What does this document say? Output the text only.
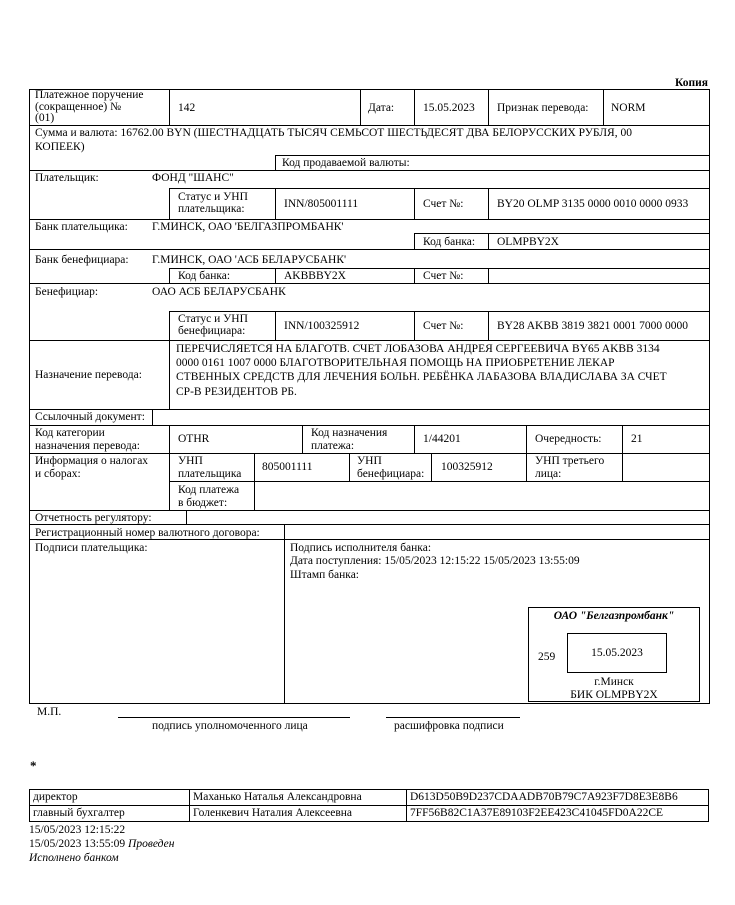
Копия
Платежное поручение
(сокращенное) №
(01)
142	Дата:	15.05.2023 Признак перевода: NORM
Сумма и валюта: 16762.00 BYN (ШЕСТНАДЦАТЬ ТЫСЯЧ СЕМЬСОТ ШЕСТЬДЕСЯТ ДВА БЕЛОРУССКИХ РУБЛЯ, 00
КОПЕЕК)
Код продаваемой валюты:
Плательщик:	ФОНД "ШАНС"
Статус и УНП
плательщика:	INN/805001111	Счет №:	BY20 OLMP 3135 0000 0010 0000 0933
Банк плательщика: Г.МИНСК, ОАО 'БЕЛГАЗПРОМБАНК'
Код банка: OLMPBY2X
Банк бенефициара: Г.МИНСК, ОАО 'АСБ БЕЛАРУСБАНК'
Код банка:	AKBBBY2X	Счет №:
Бенефициар:	ОАО АСБ БЕЛАРУСБАНК
Статус и УНП
бенефициара:	INN/100325912	Счет №:	BY28 AKBB 3819 3821 0001 7000 0000
Назначение перевода:
ПЕРЕЧИСЛЯЕТСЯ НА БЛАГОТВ. СЧЕТ ЛОБАЗОВА АНДРЕЯ СЕРГЕЕВИЧА BY65 AKBB 3134
0000 0161 1007 0000 БЛАГОТВОРИТЕЛЬНАЯ ПОМОЩЬ НА ПРИОБРЕТЕНИЕ ЛЕКАР
СТВЕННЫХ СРЕДСТВ ДЛЯ ЛЕЧЕНИЯ БОЛЬН. РЕБЁНКА ЛАБАЗОВА ВЛАДИСЛАВА ЗА СЧЕТ
СР-В РЕЗИДЕНТОВ РБ.
Ссылочный документ:
Код категории
назначения перевода:
OTHR	Код назначения
платежа:
1/44201	Очередность:	21
Информация о налогах
и сборах:
УНП
плательщика
805001111	УНП
бенефициара:
100325912	УНП третьего
лица:
Код платежа
в бюджет:
Отчетность регулятору:
Регистрационный номер валютного договора:
Подписи плательщика:	Подпись исполнителя банка:
Дата поступления: 15/05/2023 12:15:22 15/05/2023 13:55:09
Штамп банка:
ОАО "Белгазпромбанк"
259	15.05.2023
г.Минск
БИК OLMPBY2X
М.П.
подпись уполномоченного лица	расшифровка подписи
*
директор	Маханько Наталья Александровна	D613D50B9D237CDAADB70B79C7A923F7D8E3E8B6
главный бухгалтер	Голенкевич Наталия Алексеевна	7FF56B82C1A37E89103F2EE423C41045FD0A22CE
15/05/2023 12:15:22
15/05/2023 13:55:09 Проведен
Исполнено банком
